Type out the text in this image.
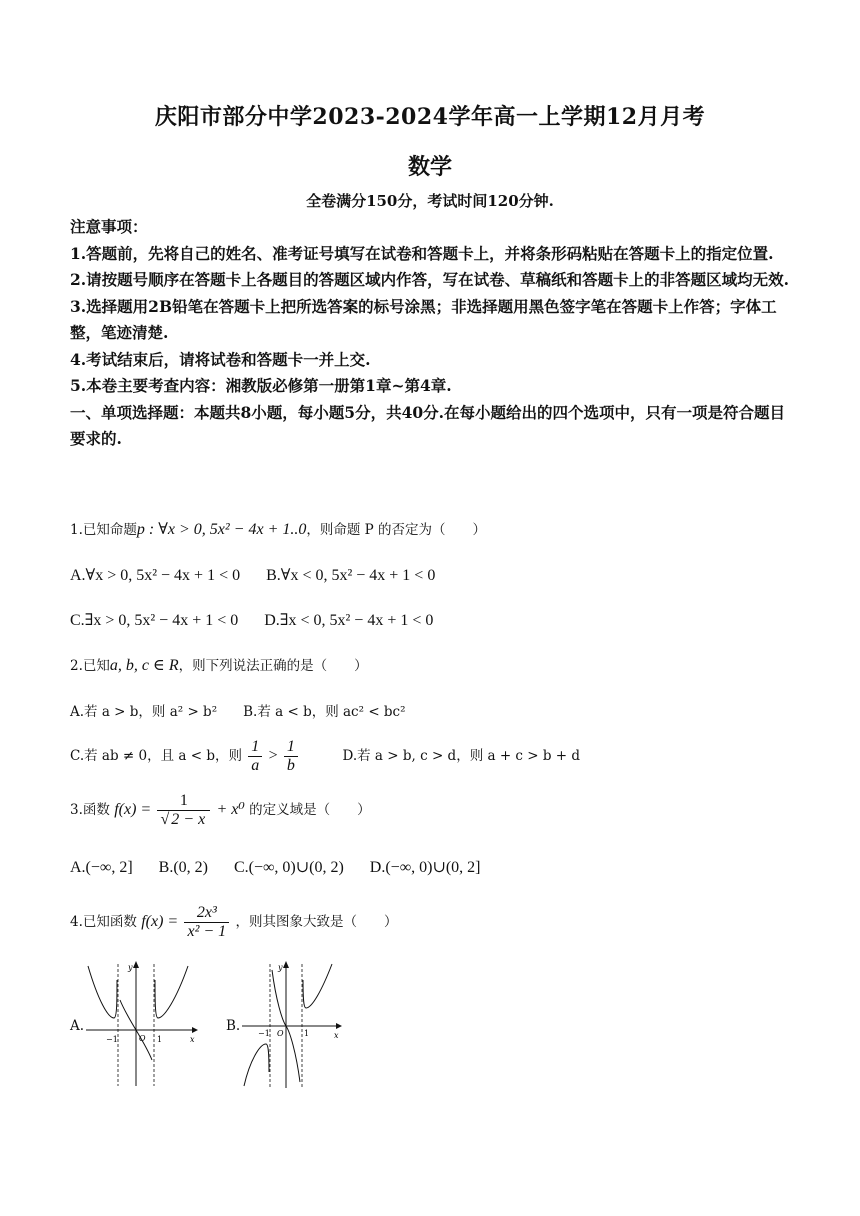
庆阳市部分中学2023-2024学年高一上学期12月月考
数学
全卷满分150分，考试时间120分钟.

注意事项：

1.答题前，先将自己的姓名、准考证号填写在试卷和答题卡上，并将条形码粘贴在答题卡上的指定位置.

2.请按题号顺序在答题卡上各题目的答题区域内作答，写在试卷、草稿纸和答题卡上的非答题区域均无效.

3.选择题用2B铅笔在答题卡上把所选答案的标号涂黑；非选择题用黑色签字笔在答题卡上作答；字体工整，笔迹清楚.

4.考试结束后，请将试卷和答题卡一并上交.

5.本卷主要考查内容：湘教版必修第一册第1章~第4章.

一、单项选择题：本题共8小题，每小题5分，共40分.在每小题给出的四个选项中，只有一项是符合题目要求的.

1.已知命题p : ∀x > 0, 5x² − 4x + 1..0，则命题 P 的否定为（　　）
A.∀x > 0, 5x² − 4x + 1 < 0 B.∀x < 0, 5x² − 4x + 1 < 0
C.∃x > 0, 5x² − 4x + 1 < 0 D.∃x < 0, 5x² − 4x + 1 < 0
2.已知a, b, c ∈ R，则下列说法正确的是（　　）
A.若 a > b，则 a² > b² B.若 a < b，则 ac² < bc²
C.若 ab ≠ 0，且 a < b，则 $\frac{1}{a} > \frac{1}{b}$	D.若 a > b, c > d，则 a + c > b + d
3.函数 $f(x) = \frac{1}{√ 2 - x} + x^0$ 的定义域是（　　）
A.(−∞, 2] B.(0, 2) C.(−∞, 0)∪(0, 2) D.(−∞, 0)∪(0, 2]
4.已知函数 $f(x) = \frac{\text{2x³}}{\text{x² − 1}}$ ，则其图象大致是（　　）
A.
y
x
O
−1	1
B.
y
x
O
−1	1
